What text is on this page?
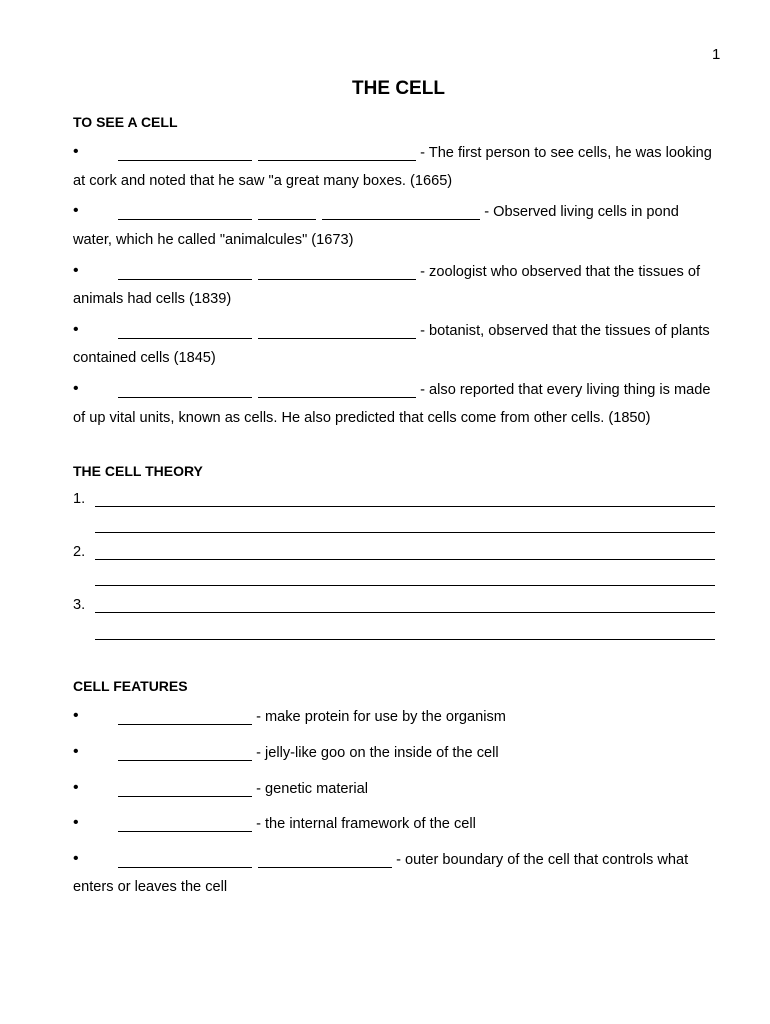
1
THE CELL
TO SEE A CELL
•	- The first person to see cells, he was looking
at cork and noted that he saw "a great many boxes. (1665)
•	- Observed living cells in pond
water, which he called "animalcules" (1673)
•	- zoologist who observed that the tissues of
animals had cells (1839)
•	- botanist, observed that the tissues of plants
contained cells (1845)
•	- also reported that every living thing is made
of up vital units, known as cells. He also predicted that cells come from other cells. (1850)
THE CELL THEORY
1.
2.
3.
CELL FEATURES
•	- make protein for use by the organism
•	- jelly-like goo on the inside of the cell
•	- genetic material
•	- the internal framework of the cell
•	- outer boundary of the cell that controls what
enters or leaves the cell
